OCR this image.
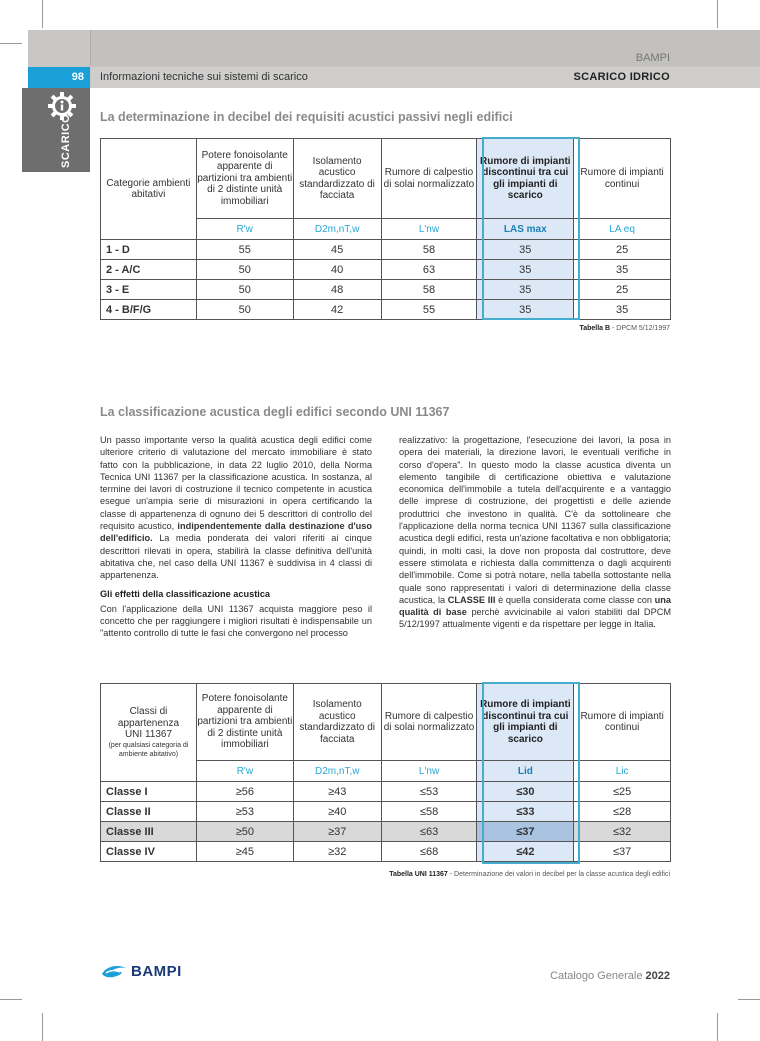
BAMPI
98	Informazioni tecniche sui sistemi di scarico	SCARICO IDRICO
SCARICO La determinazione in decibel dei requisiti acustici passivi negli edifici
Categorie ambienti abitativi	Potere fonoisolante apparente di partizioni tra ambienti di 2 distinte unità immobiliari	Isolamento acustico standardizzato di facciata	Rumore di calpestio di solai normalizzato	Rumore di impianti discontinui tra cui gli impianti di scarico	Rumore di impianti continui
	R'w	D2m,nT,w	L'nw	LAS max	LA eq
1 - D	55	45	58	35	25
2 - A/C	50	40	63	35	35
3 - E	50	48	58	35	25
4 - B/F/G	50	42	55	35	35
Tabella B - DPCM 5/12/1997
La classificazione acustica degli edifici secondo UNI 11367

Un passo importante verso la qualità acustica degli edifici come ulteriore criterio di valutazione del mercato immobiliare è stato fatto con la pubblicazione, in data 22 luglio 2010, della Norma Tecnica UNI 11367 per la classificazione acustica. In sostanza, al termine dei lavori di costruzione il tecnico competente in acustica esegue un'ampia serie di misurazioni in opera certificando la classe di appartenenza di ognuno dei 5 descrittori di controllo del requisito acustico, indipendentemente dalla destinazione d'uso dell'edificio. La media ponderata dei valori riferiti ai cinque descrittori rilevati in opera, stabilirà la classe definitiva dell'unità abitativa che, nel caso della UNI 11367 è suddivisa in 4 classi di appartenenza.

Gli effetti della classificazione acustica

Con l'applicazione della UNI 11367 acquista maggiore peso il concetto che per raggiungere i migliori risultati è indispensabile un "attento controllo di tutte le fasi che convergono nel processo

realizzativo: la progettazione, l'esecuzione dei lavori, la posa in opera dei materiali, la direzione lavori, le eventuali verifiche in corso d'opera". In questo modo la classe acustica diventa un elemento tangibile di certificazione obiettiva e valutazione economica dell'immobile a tutela dell'acquirente e a vantaggio delle imprese di costruzione, dei progettisti e delle aziende produttrici che investono in qualità. C'è da sottolineare che l'applicazione della norma tecnica UNI 11367 sulla classificazione acustica degli edifici, resta un'azione facoltativa e non obbligatoria; quindi, in molti casi, la dove non proposta dal costruttore, deve essere stimolata e richiesta dalla committenza o dagli acquirenti dell'immobile. Come si potrà notare, nella tabella sottostante nella quale sono rappresentati i valori di determinazione della classe acustica, la CLASSE III è quella considerata come classe con una qualità di base perchè avvicinabile ai valori stabiliti dal DPCM 5/12/1997 attualmente vigenti e da rispettare per legge in Italia.

Classi di appartenenza UNI 11367
(per qualsiasi categoria di ambiente abitativo)	Potere fonoisolante apparente di partizioni tra ambienti di 2 distinte unità immobiliari	Isolamento acustico standardizzato di facciata	Rumore di calpestio di solai normalizzato	Rumore di impianti discontinui tra cui gli impianti di scarico	Rumore di impianti continui
	R'w	D2m,nT,w	L'nw	Lid	Lic
Classe I	≥56	≥43	≤53	≤30	≤25
Classe II	≥53	≥40	≤58	≤33	≤28
Classe III	≥50	≥37	≤63	≤37	≤32
Classe IV	≥45	≥32	≤68	≤42	≤37
Tabella UNI 11367 - Determinazione dei valori in decibel per la classe acustica degli edifici
BAMPI	Catalogo Generale 2022
